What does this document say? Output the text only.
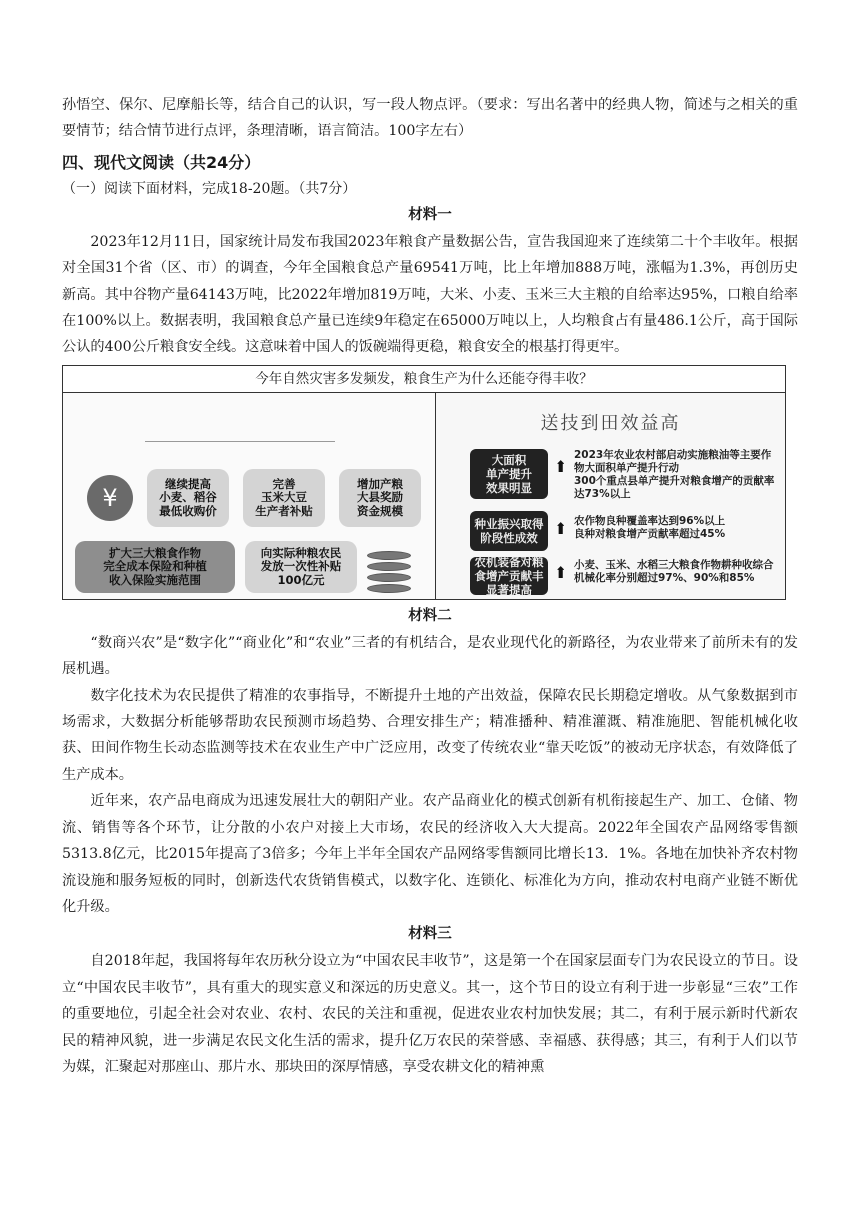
孙悟空、保尔、尼摩船长等，结合自己的认识，写一段人物点评。（要求：写出名著中的经典人物，简述与之相关的重要情节；结合情节进行点评，条理清晰，语言简洁。100字左右）

四、现代文阅读（共24分）
（一）阅读下面材料，完成18-20题。（共7分）
材料一

2023年12月11日，国家统计局发布我国2023年粮食产量数据公告，宣告我国迎来了连续第二十个丰收年。根据对全国31个省（区、市）的调查，今年全国粮食总产量69541万吨，比上年增加888万吨，涨幅为1.3%，再创历史新高。其中谷物产量64143万吨，比2022年增加819万吨，大米、小麦、玉米三大主粮的自给率达95%，口粮自给率在100%以上。数据表明，我国粮食总产量已连续9年稳定在65000万吨以上，人均粮食占有量486.1公斤，高于国际公认的400公斤粮食安全线。这意味着中国人的饭碗端得更稳，粮食安全的根基打得更牢。

今年自然灾害多发频发，粮食生产为什么还能夺得丰收？
¥
继续提高
小麦、稻谷
最低收购价
完善
玉米大豆
生产者补贴
增加产粮
大县奖励
资金规模
扩大三大粮食作物
完全成本保险和种植
收入保险实施范围
向实际种粮农民
发放一次性补贴
100亿元
送技到田效益高
大面积
单产提升
效果明显
⬆
2023年农业农村部启动实施粮油等主要作物大面积单产提升行动
300个重点县单产提升对粮食增产的贡献率达73%以上
种业振兴取得
阶段性成效	⬆ 农作物良种覆盖率达到96%以上
良种对粮食增产贡献率超过45%
农机装备对粮
食增产贡献丰
显著提高
⬆ 小麦、玉米、水稻三大粮食作物耕种收综合机械化率分别超过97%、90%和85%
材料二

“数商兴农”是“数字化”“商业化”和“农业”三者的有机结合，是农业现代化的新路径，为农业带来了前所未有的发展机遇。

数字化技术为农民提供了精准的农事指导，不断提升土地的产出效益，保障农民长期稳定增收。从气象数据到市场需求，大数据分析能够帮助农民预测市场趋势、合理安排生产；精准播种、精准灌溉、精准施肥、智能机械化收获、田间作物生长动态监测等技术在农业生产中广泛应用，改变了传统农业“靠天吃饭”的被动无序状态，有效降低了生产成本。

近年来，农产品电商成为迅速发展壮大的朝阳产业。农产品商业化的模式创新有机衔接起生产、加工、仓储、物流、销售等各个环节，让分散的小农户对接上大市场，农民的经济收入大大提高。2022年全国农产品网络零售额5313.8亿元，比2015年提高了3倍多；今年上半年全国农产品网络零售额同比增长13．1%。各地在加快补齐农村物流设施和服务短板的同时，创新迭代农货销售模式，以数字化、连锁化、标准化为方向，推动农村电商产业链不断优化升级。

材料三

自2018年起，我国将每年农历秋分设立为“中国农民丰收节”，这是第一个在国家层面专门为农民设立的节日。设立“中国农民丰收节”，具有重大的现实意义和深远的历史意义。其一，这个节日的设立有利于进一步彰显“三农”工作的重要地位，引起全社会对农业、农村、农民的关注和重视，促进农业农村加快发展；其二，有利于展示新时代新农民的精神风貌，进一步满足农民文化生活的需求，提升亿万农民的荣誉感、幸福感、获得感；其三，有利于人们以节为媒，汇聚起对那座山、那片水、那块田的深厚情感，享受农耕文化的精神熏
